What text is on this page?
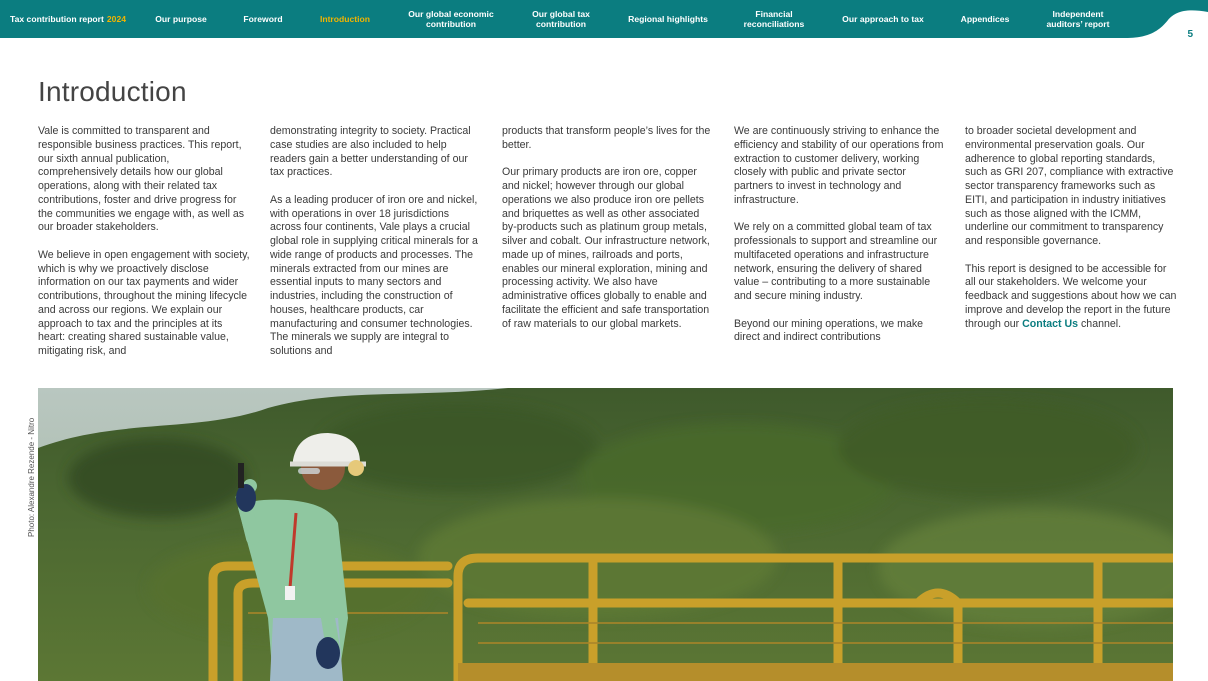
Tax contribution report 2024	Our purpose	Foreword	Introduction	Our global economic contribution
Our global tax contribution	Regional highlights	Financial reconciliations	Our approach to tax	Appendices	Independent auditors’ report
5
Introduction

Vale is committed to transparent and responsible business practices. This report, our sixth annual publication, comprehensively details how our global operations, along with their related tax contributions, foster and drive progress for the communities we engage with, as well as our broader stakeholders.

We believe in open engagement with society, which is why we proactively disclose information on our tax payments and wider contributions, throughout the mining lifecycle and across our regions. We explain our approach to tax and the principles at its heart: creating shared sustainable value, mitigating risk, and

demonstrating integrity to society. Practical case studies are also included to help readers gain a better understanding of our tax practices.

As a leading producer of iron ore and nickel, with operations in over 18 jurisdictions across four continents, Vale plays a crucial global role in supplying critical minerals for a wide range of products and processes. The minerals extracted from our mines are essential inputs to many sectors and industries, including the construction of houses, healthcare products, car manufacturing and consumer technologies. The minerals we supply are integral to solutions and

products that transform people’s lives for the better.

Our primary products are iron ore, copper and nickel; however through our global operations we also produce iron ore pellets and briquettes as well as other associated by-products such as platinum group metals, silver and cobalt. Our infrastructure network, made up of mines, railroads and ports, enables our mineral exploration, mining and processing activity. We also have administrative offices globally to enable and facilitate the efficient and safe transportation of raw materials to our global markets.

We are continuously striving to enhance the efficiency and stability of our operations from extraction to customer delivery, working closely with public and private sector partners to invest in technology and infrastructure.

We rely on a committed global team of tax professionals to support and streamline our multifaceted operations and infrastructure network, ensuring the delivery of shared value – contributing to a more sustainable and secure mining industry.

Beyond our mining operations, we make direct and indirect contributions

to broader societal development and environmental preservation goals. Our adherence to global reporting standards, such as GRI 207, compliance with extractive sector transparency frameworks such as EITI, and participation in industry initiatives such as those aligned with the ICMM, underline our commitment to transparency and responsible governance.

This report is designed to be accessible for all our stakeholders. We welcome your feedback and suggestions about how we can improve and develop the report in the future through our Contact Us channel.

Photo: Alexandre Rezende - Nitro
